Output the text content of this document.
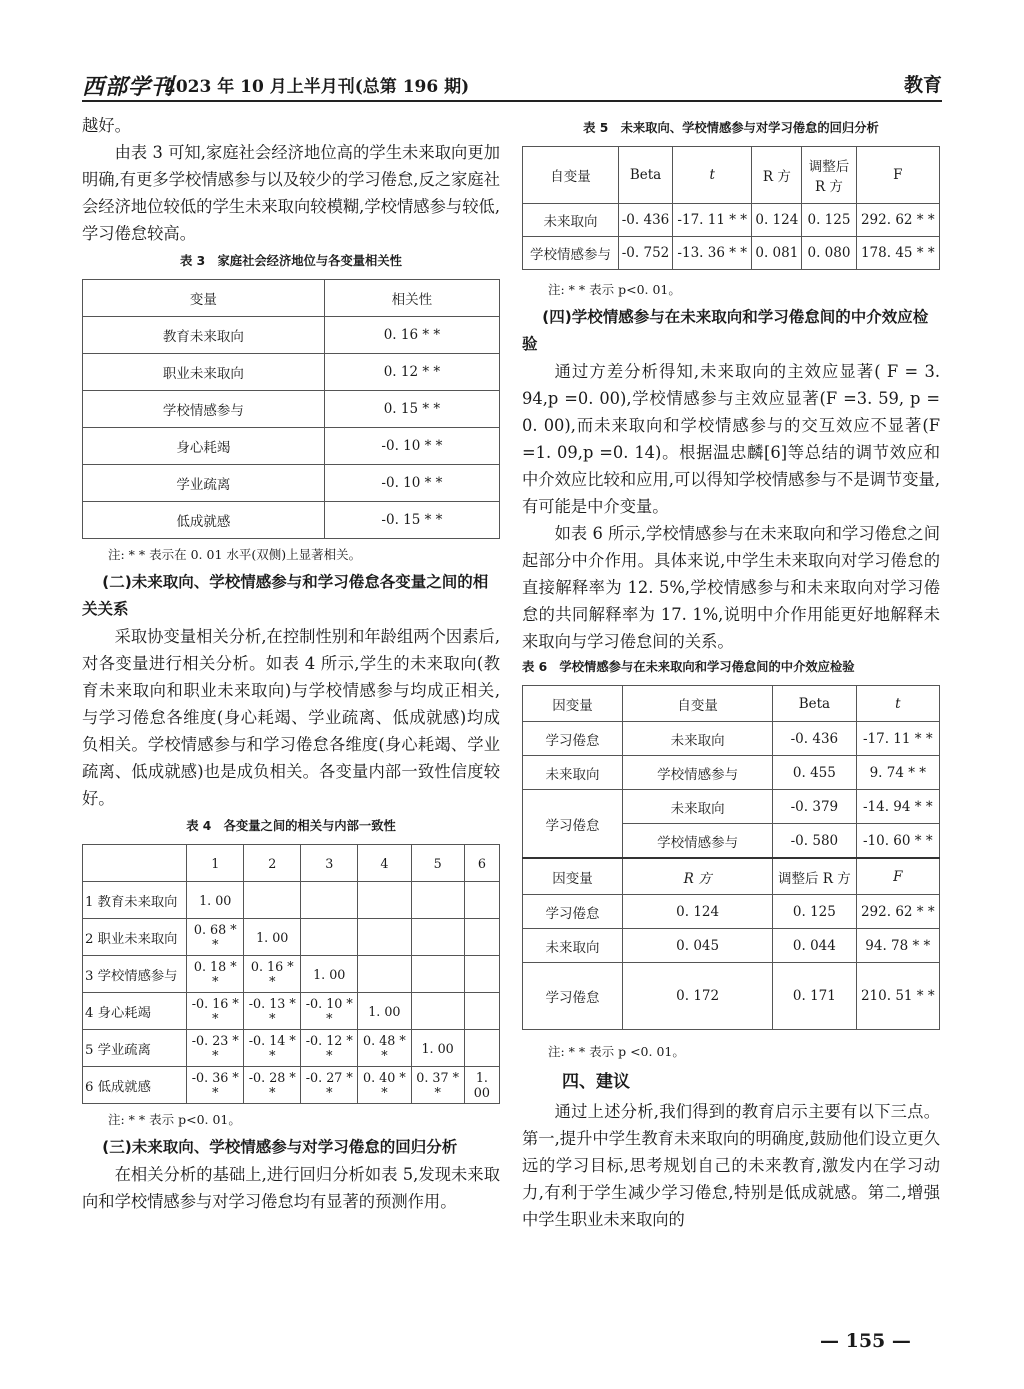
西部学刊
2023 年 10 月上半月刊(总第 196 期)	教育

越好。

由表 3 可知,家庭社会经济地位高的学生未来取向更加明确,有更多学校情感参与以及较少的学习倦怠,反之家庭社会经济地位较低的学生未来取向较模糊,学校情感参与较低,学习倦怠较高。

表 3　家庭社会经济地位与各变量相关性
变量	相关性
教育未来取向	0. 16 * *
职业未来取向	0. 12 * *
学校情感参与	0. 15 * *
身心耗竭	-0. 10 * *
学业疏离	-0. 10 * *
低成就感	-0. 15 * *
注: * * 表示在 0. 01 水平(双侧)上显著相关。

(二)未来取向、学校情感参与和学习倦怠各变量之间的相关关系

采取协变量相关分析,在控制性别和年龄组两个因素后,对各变量进行相关分析。如表 4 所示,学生的未来取向(教育未来取向和职业未来取向)与学校情感参与均成正相关,与学习倦怠各维度(身心耗竭、学业疏离、低成就感)均成负相关。学校情感参与和学习倦怠各维度(身心耗竭、学业疏离、低成就感)也是成负相关。各变量内部一致性信度较好。

表 4　各变量之间的相关与内部一致性
	1	2	3	4	5	6
1 教育未来取向	1. 00					
2 职业未来取向	0. 68 * *	1. 00				
3 学校情感参与	0. 18 * *	0. 16 * *	1. 00			
4 身心耗竭	-0. 16 * *	-0. 13 * *	-0. 10 * *	1. 00		
5 学业疏离	-0. 23 * *	-0. 14 * *	-0. 12 * *	0. 48 * *	1. 00	
6 低成就感	-0. 36 * *	-0. 28 * *	-0. 27 * *	0. 40 * *	0. 37 * *	1. 00
注: * * 表示 p<0. 01。

(三)未来取向、学校情感参与对学习倦怠的回归分析

在相关分析的基础上,进行回归分析如表 5,发现未来取向和学校情感参与对学习倦怠均有显著的预测作用。

表 5　未来取向、学校情感参与对学习倦怠的回归分析
自变量	Beta	t	R 方	调整后 R 方	F
未来取向	-0. 436	-17. 11 * *	0. 124	0. 125	292. 62 * *
学校情感参与	-0. 752	-13. 36 * *	0. 081	0. 080	178. 45 * *
注: * * 表示 p<0. 01。

(四)学校情感参与在未来取向和学习倦怠间的中介效应检验

通过方差分析得知,未来取向的主效应显著( F = 3. 94,p =0. 00),学校情感参与主效应显著(F =3. 59, p = 0. 00),而未来取向和学校情感参与的交互效应不显著(F =1. 09,p =0. 14)。根据温忠麟[6]等总结的调节效应和中介效应比较和应用,可以得知学校情感参与不是调节变量,有可能是中介变量。

如表 6 所示,学校情感参与在未来取向和学习倦怠之间起部分中介作用。具体来说,中学生未来取向对学习倦怠的直接解释率为 12. 5%,学校情感参与和未来取向对学习倦怠的共同解释率为 17. 1%,说明中介作用能更好地解释未来取向与学习倦怠间的关系。

表 6　学校情感参与在未来取向和学习倦怠间的中介效应检验
因变量	自变量	Beta	t
学习倦怠	未来取向	-0. 436	-17. 11 * *
未来取向	学校情感参与	0. 455	9. 74 * *
学习倦怠	未来取向	-0. 379	-14. 94 * *
	学校情感参与	-0. 580	-10. 60 * *
因变量	R 方	调整后 R 方	F
学习倦怠	0. 124	0. 125	292. 62 * *
未来取向	0. 045	0. 044	94. 78 * *
学习倦怠	0. 172	0. 171	210. 51 * *
注: * * 表示 p <0. 01。

四、建议

通过上述分析,我们得到的教育启示主要有以下三点。第一,提升中学生教育未来取向的明确度,鼓励他们设立更久远的学习目标,思考规划自己的未来教育,激发内在学习动力,有利于学生减少学习倦怠,特别是低成就感。第二,增强中学生职业未来取向的

— 155 —
